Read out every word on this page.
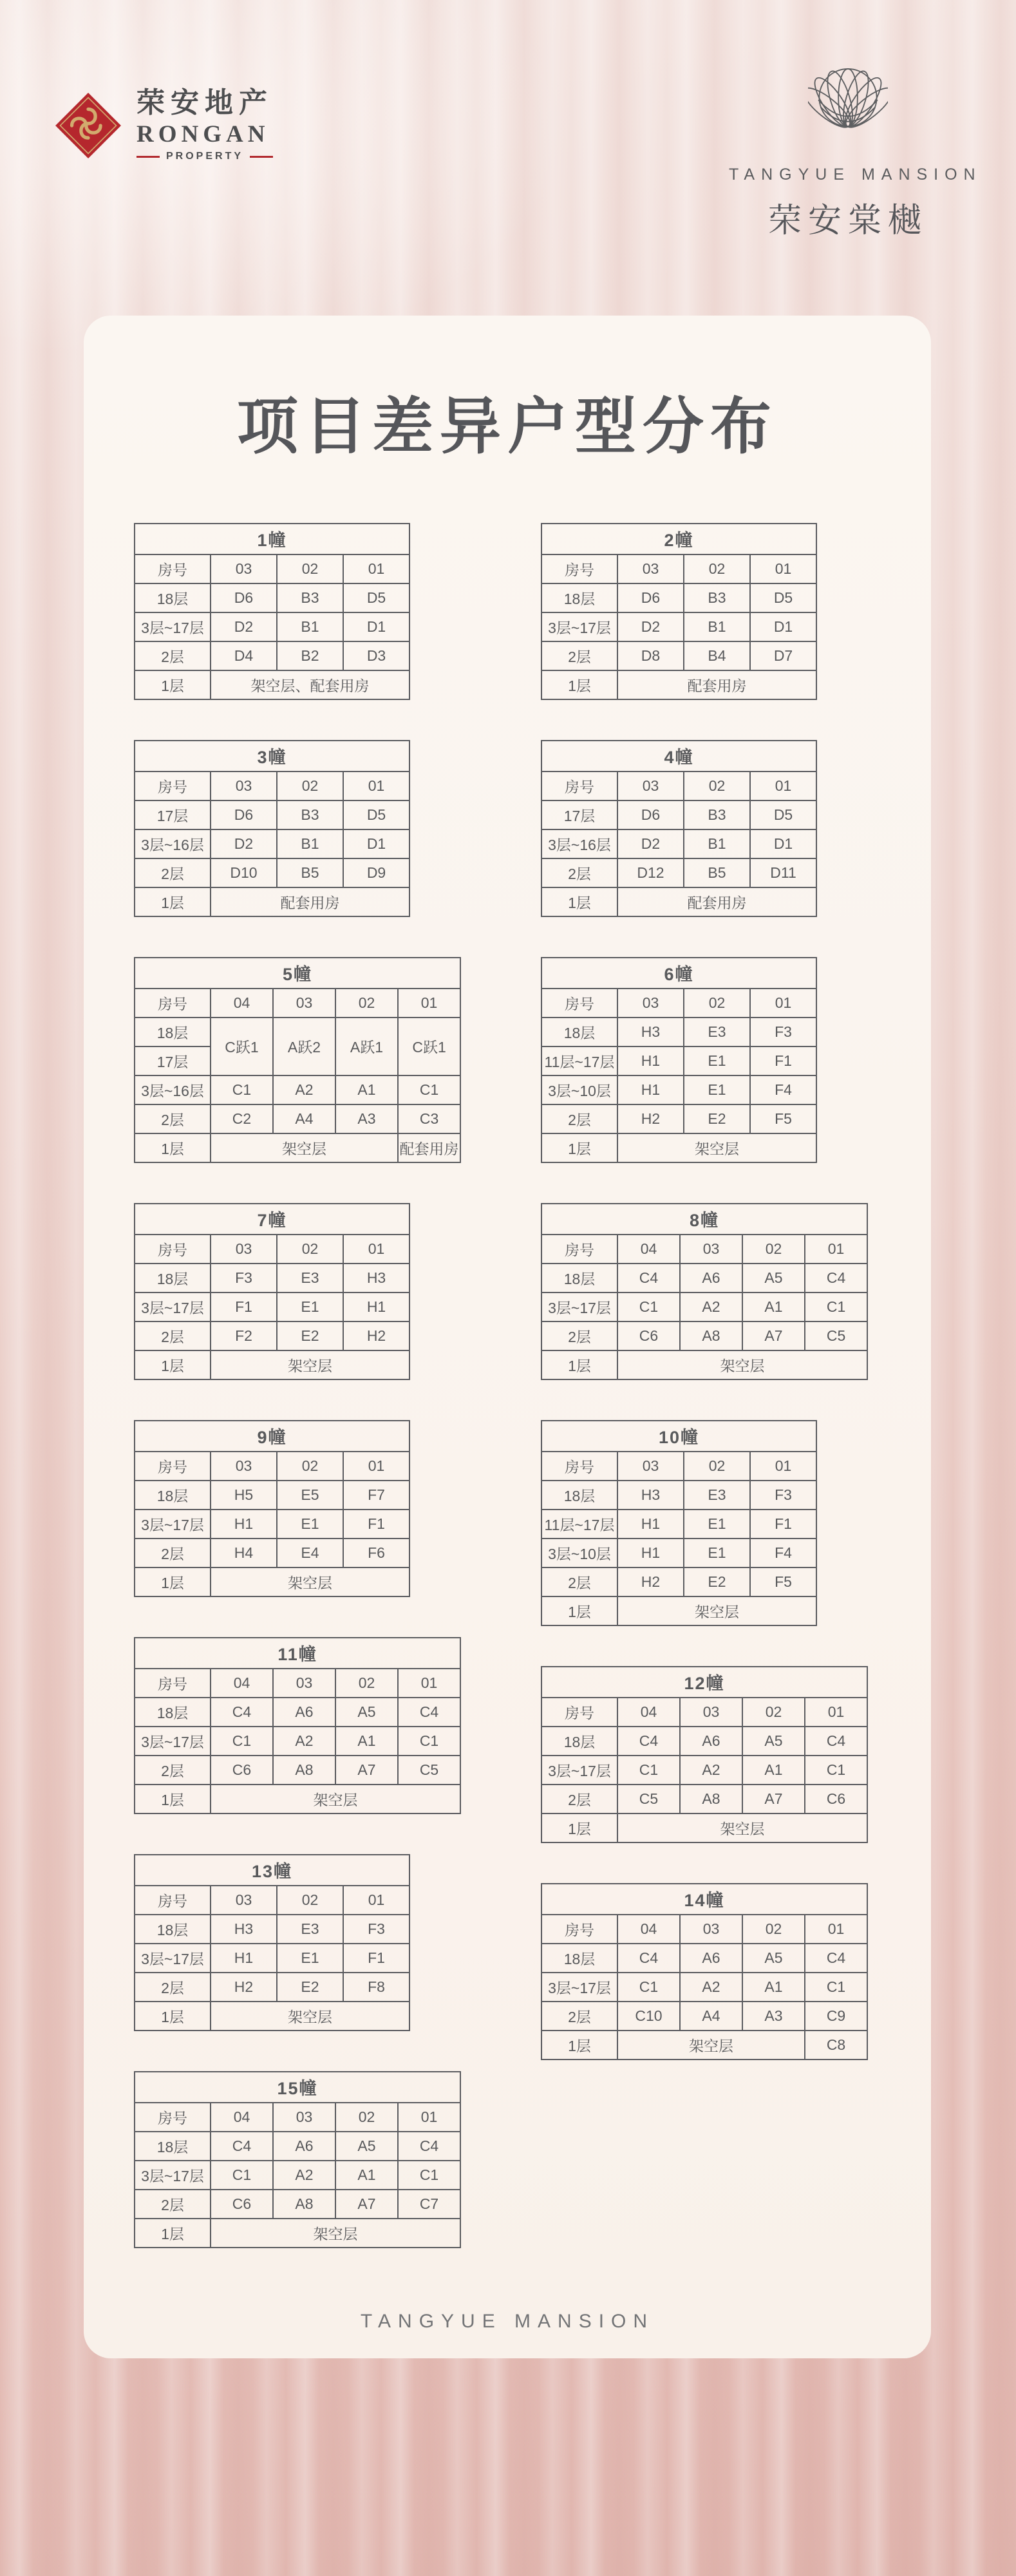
荣安地产
RONGAN
PROPERTY
TANGYUE MANSION
荣安棠樾
项目差异户型分布
1幢			
房号	03	02	01
18层	D6	B3	D5
3层~17层	D2	B1	D1
2层	D4	B2	D3
1层	架空层、配套用房		
3幢			
房号	03	02	01
17层	D6	B3	D5
3层~16层	D2	B1	D1
2层	D10	B5	D9
1层	配套用房		
5幢				
房号	04	03	02	01
18层	C跃1	A跃2	A跃1	C跃1
17层				
3层~16层	C1	A2	A1	C1
2层	C2	A4	A3	C3
1层	架空层			配套用房
7幢			
房号	03	02	01
18层	F3	E3	H3
3层~17层	F1	E1	H1
2层	F2	E2	H2
1层	架空层		
9幢			
房号	03	02	01
18层	H5	E5	F7
3层~17层	H1	E1	F1
2层	H4	E4	F6
1层	架空层		
11幢				
房号	04	03	02	01
18层	C4	A6	A5	C4
3层~17层	C1	A2	A1	C1
2层	C6	A8	A7	C5
1层	架空层			
13幢			
房号	03	02	01
18层	H3	E3	F3
3层~17层	H1	E1	F1
2层	H2	E2	F8
1层	架空层		
15幢				
房号	04	03	02	01
18层	C4	A6	A5	C4
3层~17层	C1	A2	A1	C1
2层	C6	A8	A7	C7
1层	架空层			
2幢			
房号	03	02	01
18层	D6	B3	D5
3层~17层	D2	B1	D1
2层	D8	B4	D7
1层	配套用房		
4幢			
房号	03	02	01
17层	D6	B3	D5
3层~16层	D2	B1	D1
2层	D12	B5	D11
1层	配套用房		
6幢			
房号	03	02	01
18层	H3	E3	F3
11层~17层	H1	E1	F1
3层~10层	H1	E1	F4
2层	H2	E2	F5
1层	架空层		
8幢				
房号	04	03	02	01
18层	C4	A6	A5	C4
3层~17层	C1	A2	A1	C1
2层	C6	A8	A7	C5
1层	架空层			
10幢			
房号	03	02	01
18层	H3	E3	F3
11层~17层	H1	E1	F1
3层~10层	H1	E1	F4
2层	H2	E2	F5
1层	架空层		
12幢				
房号	04	03	02	01
18层	C4	A6	A5	C4
3层~17层	C1	A2	A1	C1
2层	C5	A8	A7	C6
1层	架空层			
14幢				
房号	04	03	02	01
18层	C4	A6	A5	C4
3层~17层	C1	A2	A1	C1
2层	C10	A4	A3	C9
1层	架空层			C8
TANGYUE MANSION
